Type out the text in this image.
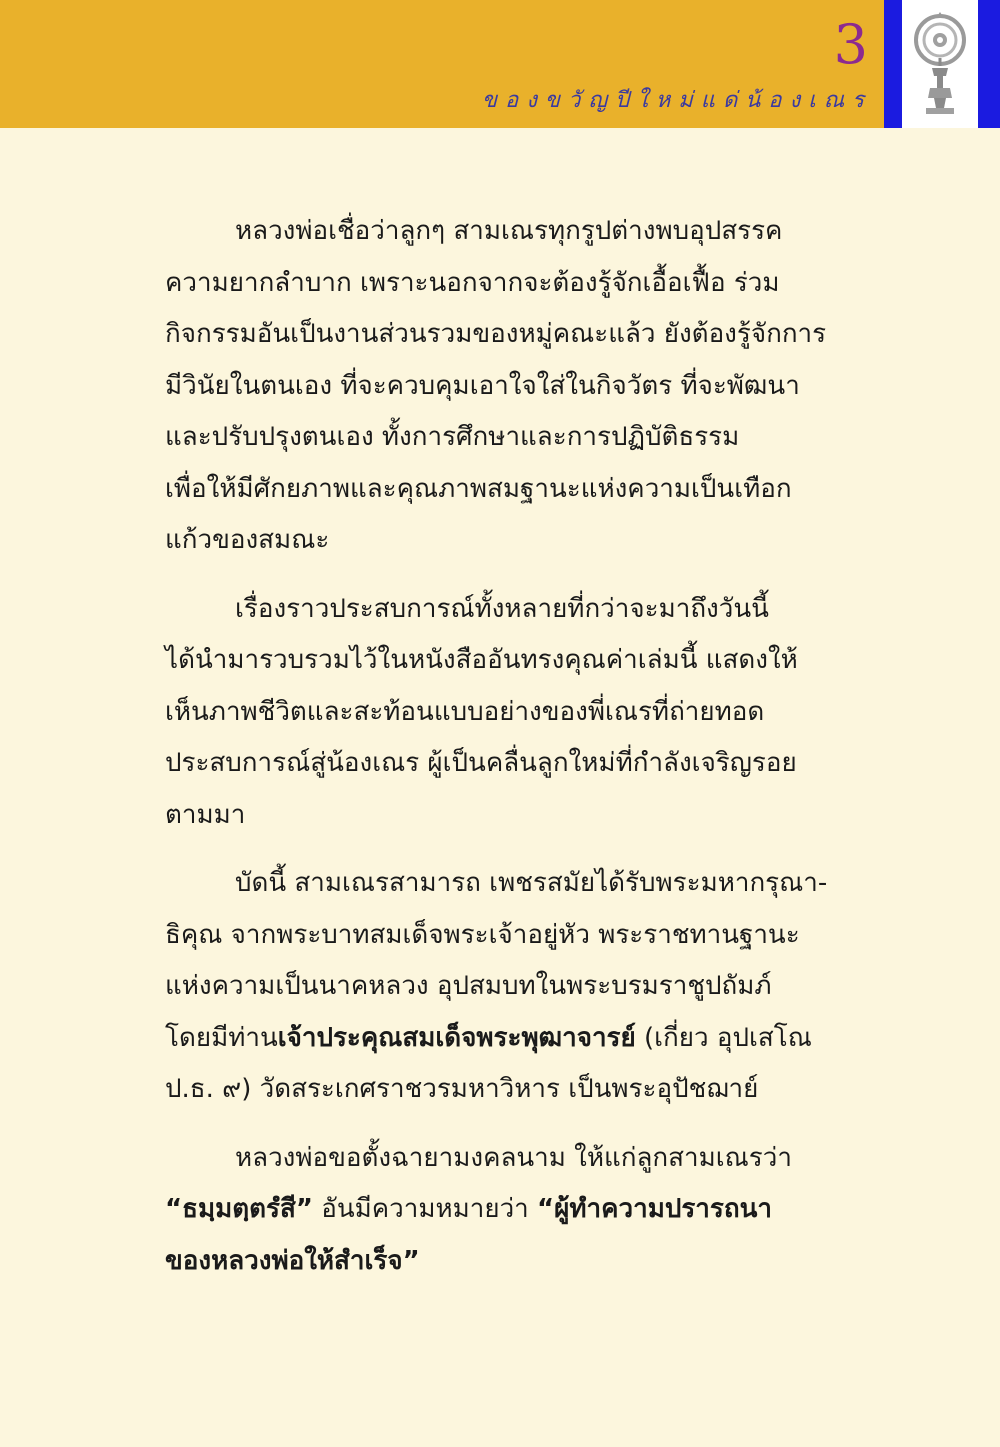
3
ของขวัญปีใหม่แด่น้องเณร
หลวงพ่อเชื่อว่าลูกๆ สามเณรทุกรูปต่างพบอุปสรรค
ความยากลำบาก เพราะนอกจากจะต้องรู้จักเอื้อเฟื้อ ร่วม
กิจกรรมอันเป็นงานส่วนรวมของหมู่คณะแล้ว ยังต้องรู้จักการ
มีวินัยในตนเอง ที่จะควบคุมเอาใจใส่ในกิจวัตร ที่จะพัฒนา
และปรับปรุงตนเอง ทั้งการศึกษาและการปฏิบัติธรรม
เพื่อให้มีศักยภาพและคุณภาพสมฐานะแห่งความเป็นเทือก
แก้วของสมณะ
เรื่องราวประสบการณ์ทั้งหลายที่กว่าจะมาถึงวันนี้
ได้นำมารวบรวมไว้ในหนังสืออันทรงคุณค่าเล่มนี้ แสดงให้
เห็นภาพชีวิตและสะท้อนแบบอย่างของพี่เณรที่ถ่ายทอด
ประสบการณ์สู่น้องเณร ผู้เป็นคลื่นลูกใหม่ที่กำลังเจริญรอย
ตามมา
บัดนี้ สามเณรสามารถ เพชรสมัยได้รับพระมหากรุณา-
ธิคุณ จากพระบาทสมเด็จพระเจ้าอยู่หัว พระราชทานฐานะ
แห่งความเป็นนาคหลวง อุปสมบทในพระบรมราชูปถัมภ์
โดยมีท่านเจ้าประคุณสมเด็จพระพุฒาจารย์ (เกี่ยว อุปเสโณ
ป.ธ. ๙) วัดสระเกศราชวรมหาวิหาร เป็นพระอุปัชฌาย์
หลวงพ่อขอตั้งฉายามงคลนาม ให้แก่ลูกสามเณรว่า
“ธมฺมตฺตรํสี” อันมีความหมายว่า “ผู้ทำความปรารถนา
ของหลวงพ่อให้สำเร็จ”
